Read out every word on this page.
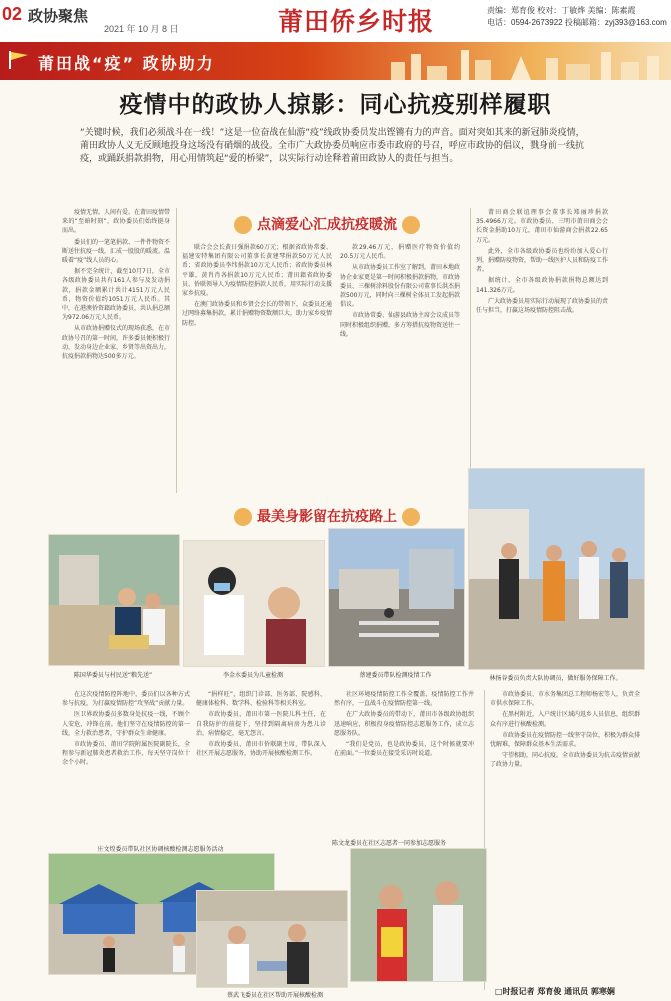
02 政协聚焦
2021 年 10 月 8 日	莆田侨乡时报	责编：郑育俊 校对：丁敏烨 美编：陈素霞
电话：0594-2673922 投稿邮箱：zyj393@163.com
莆田战“疫” 政协助力
疫情中的政协人掠影：同心抗疫别样履职
“关键时候，我们必须战斗在一线！”这是一位奋战在仙游“疫”线政协委员发出铿锵有力的声音。面对突如其来的新冠肺炎疫情，莆田政协人义无反顾地投身这场没有硝烟的战役。全市广大政协委员响应市委市政府的号召，呼应市政协的倡议，戮身前一线抗疫，或踊跃捐款捐物，用心用情筑起“爱的桥梁”，以实际行动诠释着莆田政协人的责任与担当。
点滴爱心汇成抗疫暖流

疫情无情，人间有爱。在莆田疫情带来的“至暗时刻”，政协委员们始终挺身而出。

委员们的一笔笔捐款、一件件物资不断送往抗疫一线，汇成一股股的暖流。温暖着“疫”线人员的心。

据不完全统计，截至10月7日，全市各级政协委员共有161人参与及发动捐款，捐款金额累计共计4151万元人民币，物资价值约1051万元人民币。其中，在港澳侨资籍政协委员，共认捐总额为972.06万元人民币。

从市政协捐赠仪式的现场获悉，在市政协号召的第一时间，许多委员便积极行动，发动身边企业家、乡贤等出资出力，抗疫捐款捐物达500多万元。

联合会会长黄日强捐款60万元；根据省政协常委、福建安特集团有限公司董事长黄建琴捐款50万元人民币；省政协委员李纬捐款10万元人民币；省政协委员林平雄，黄肖肖各捐款10万元人民币；莆田籍省政协委员、侨联领导人为疫情防控捐款人民币，用实际行动支援家乡抗疫。

在澳门政协委员和乡贤会会长的带领下，众委员还通过网络募集捐款，累计捐赠物资数额巨大，助力家乡疫情防控。

款29.46万元，捐赠医疗物资价值约20.5万元人民币。

从市政协委员工作室了解到，莆田本地政协企业家更是第一时间积极捐款捐物，市政协委员、三棵树涂料股份有限公司董事长洪杰捐款500万元，同时向三棵树全体员工发起捐款倡议。

市政协常委、仙游县政协主席会议成员等同时积极组织捐赠，多方筹措抗疫物资送往一线。

莆田商会联谊理事会董事长郑丽珍捐款35.4966万元。市政协委员、三明市莆田商会会长资金捐助10万元，莆田市仙游商会捐款22.65万元。

此外，全市各级政协委员也纷纷加入爱心行列，捐赠防疫物资，帮助一线医护人员和防疫工作者。

据统计，全市各级政协捐款捐物总额达到141.326万元。

广大政协委员用实际行动展现了政协委员的责任与担当，打赢这场疫情防控阻击战。

最美身影留在抗疫路上
陈国华委员与村民送“粮先送”	李金水委员为儿童检测	蔡建委员带队检测疫情工作	林扬谷委员负责大队协调员，做好服务保障工作。

在这次疫情防控阵地中，委员们以各种方式参与抗疫，为打赢疫情防控“攻坚战”贡献力量。

医卫界政协委员多数身处抗疫一线，不顾个人安危，冲锋在前。他们坚守在疫情防控的第一线，全力救治患者，守护群众生命健康。

市政协委员、莆田学院附属医院副院长，全程参与新冠肺炎患者救治工作，每天坚守岗位十余个小时。

“捐样旺”，组织门诊部、医务部、院感科、健康体检科、数学科、检验科等相关科室。

市政协委员、莆田市第一医院儿科主任，在自我防护的前提下，坚持到隔离病房为患儿诊治，病情稳定，毫无怨言。

市政协委员、莆田市侨联副主席，带队深入社区开展志愿服务，协助开展核酸检测工作。

社区环境疫情防控工作全覆盖，疫情防控工作井然有序，一直战斗在疫情防控第一线。

在广大政协委员的带动下，莆田市各级政协组织迅速响应，积极投身疫情防控志愿服务工作，成立志愿服务队。

“我们是党员，也是政协委员，这个时候就要冲在前面。”一位委员在接受采访时说道。

市政协委员、市水务集团总工程师杨宏等人，负责全市供水保障工作。

在黑村附近，入户统计区域内返乡人员信息，组织群众有序进行核酸检测。

市政协委员在疫情防控一线坚守岗位，积极为群众排忧解难，保障群众基本生活需求。

守望相助，同心抗疫。全市政协委员为抗击疫情贡献了政协力量。

庄文煌委员带队社区协调核酸检测志愿服务活动
陈文龙委员在社区志愿者一同参加志愿服务
蔡武飞委员在社区帮助开展核酸检测	□时报记者 郑育俊 通讯员 郭寒娴
